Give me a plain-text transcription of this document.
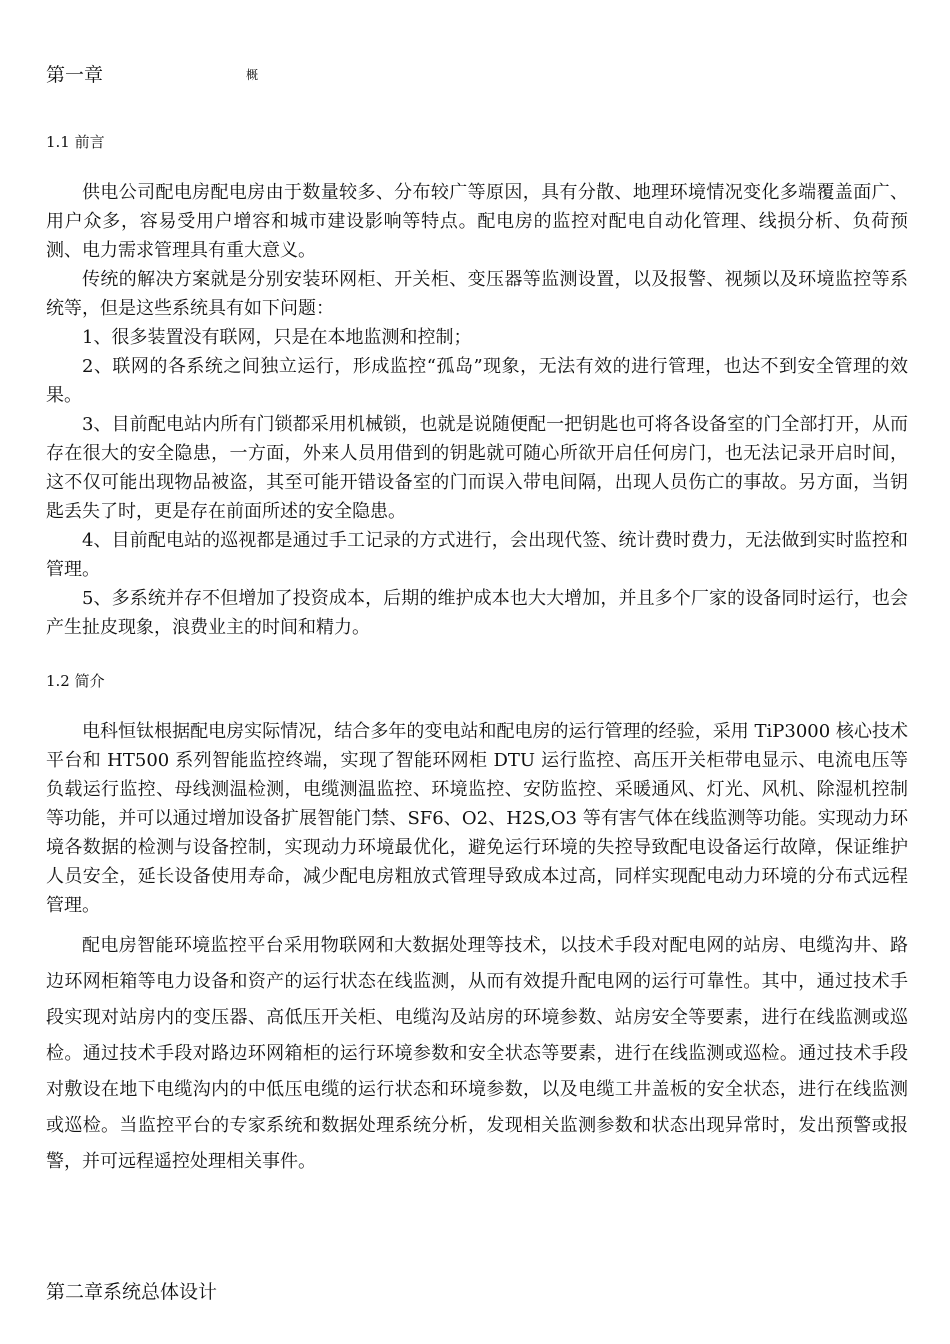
第一章	概
1.1 前言

供电公司配电房配电房由于数量较多、分布较广等原因，具有分散、地理环境情况变化多端覆盖面广、用户众多，容易受用户增容和城市建设影响等特点。配电房的监控对配电自动化管理、线损分析、负荷预测、电力需求管理具有重大意义。

传统的解决方案就是分别安装环网柜、开关柜、变压器等监测设置，以及报警、视频以及环境监控等系统等，但是这些系统具有如下问题：

1、很多装置没有联网，只是在本地监测和控制；

2、联网的各系统之间独立运行，形成监控“孤岛”现象，无法有效的进行管理，也达不到安全管理的效果。

3、目前配电站内所有门锁都采用机械锁，也就是说随便配一把钥匙也可将各设备室的门全部打开，从而存在很大的安全隐患，一方面，外来人员用借到的钥匙就可随心所欲开启任何房门，也无法记录开启时间，这不仅可能出现物品被盗，其至可能开错设备室的门而误入带电间隔，出现人员伤亡的事故。另方面，当钥匙丢失了时，更是存在前面所述的安全隐患。

4、目前配电站的巡视都是通过手工记录的方式进行，会出现代签、统计费时费力，无法做到实时监控和管理。

5、多系统并存不但增加了投资成本，后期的维护成本也大大增加，并且多个厂家的设备同时运行，也会产生扯皮现象，浪费业主的时间和精力。

1.2 简介

电科恒钛根据配电房实际情况，结合多年的变电站和配电房的运行管理的经验，采用 TiP3000 核心技术平台和 HT500 系列智能监控终端，实现了智能环网柜 DTU 运行监控、高压开关柜带电显示、电流电压等负载运行监控、母线测温检测，电缆测温监控、环境监控、安防监控、采暖通风、灯光、风机、除湿机控制等功能，并可以通过增加设备扩展智能门禁、SF6、O2、H2S,O3 等有害气体在线监测等功能。实现动力环境各数据的检测与设备控制，实现动力环境最优化，避免运行环境的失控导致配电设备运行故障，保证维护人员安全，延长设备使用寿命，减少配电房粗放式管理导致成本过高，同样实现配电动力环境的分布式远程管理。

配电房智能环境监控平台采用物联网和大数据处理等技术，以技术手段对配电网的站房、电缆沟井、路边环网柜箱等电力设备和资产的运行状态在线监测，从而有效提升配电网的运行可靠性。其中，通过技术手段实现对站房内的变压器、高低压开关柜、电缆沟及站房的环境参数、站房安全等要素，进行在线监测或巡检。通过技术手段对路边环网箱柜的运行环境参数和安全状态等要素，进行在线监测或巡检。通过技术手段对敷设在地下电缆沟内的中低压电缆的运行状态和环境参数，以及电缆工井盖板的安全状态，进行在线监测或巡检。当监控平台的专家系统和数据处理系统分析，发现相关监测参数和状态出现异常时，发出预警或报警，并可远程遥控处理相关事件。

第二章系统总体设计
